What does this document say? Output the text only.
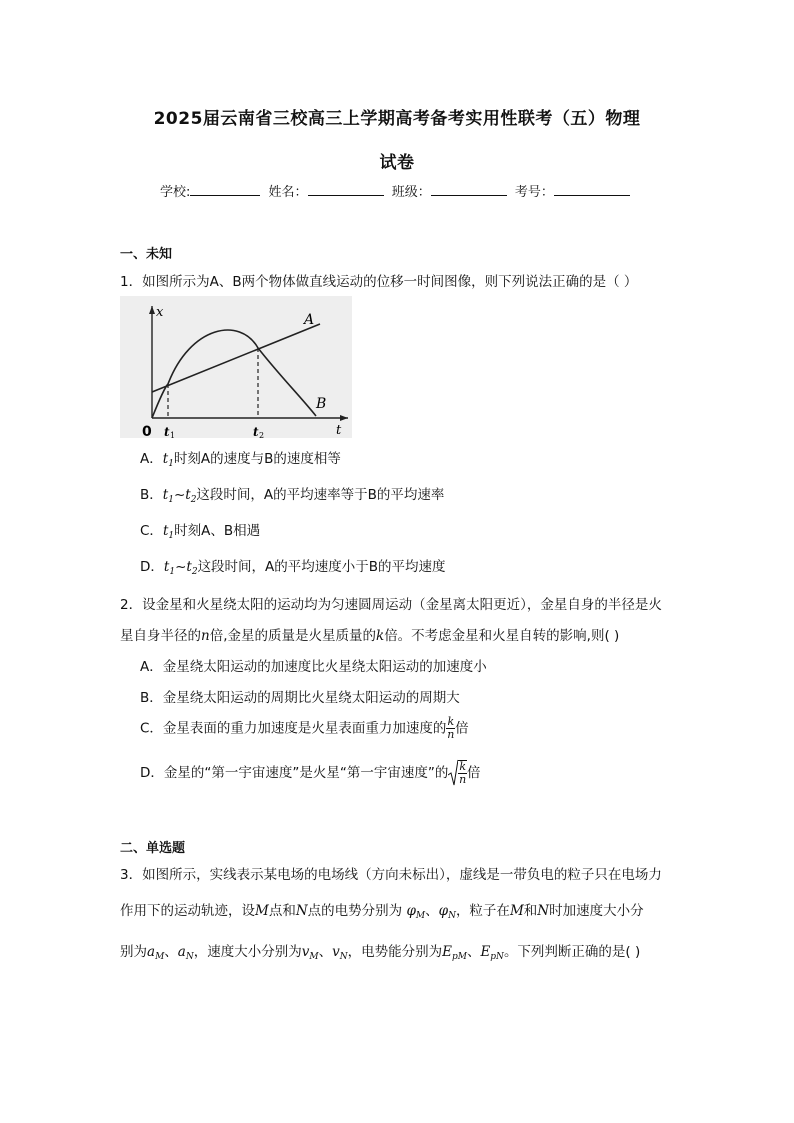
2025届云南省三校高三上学期高考备考实用性联考（五）物理
试卷
学校:	姓名：	班级：	考号：
一、未知
1．如图所示为A、B两个物体做直线运动的位移一时间图像，则下列说法正确的是（ ）
x
t
0 t 1	t 2
A
B
A．$t_1$时刻A的速度与B的速度相等
B．$t_1\sim t_2$这段时间，A的平均速率等于B的平均速率
C．$t_1$时刻A、B相遇
D．$t_1\sim t_2$这段时间，A的平均速度小于B的平均速度
2．设金星和火星绕太阳的运动均为匀速圆周运动（金星离太阳更近），金星自身的半径是火
星自身半径的n倍,金星的质量是火星质量的k倍。不考虑金星和火星自转的影响,则( )
A．金星绕太阳运动的加速度比火星绕太阳运动的加速度小
B．金星绕太阳运动的周期比火星绕太阳运动的周期大
C．金星表面的重力加速度是火星表面重力加速度的 $\frac{k}{n}$ 倍
D．金星的“第一宇宙速度”是火星“第一宇宙速度”的 $\frac{k}{n}$ 倍
二、单选题
3．如图所示，实线表示某电场的电场线（方向未标出），虚线是一带负电的粒子只在电场力
作用下的运动轨迹，设M点和N点的电势分别为 $\varphi_M$、$\varphi_N$，粒子在M和N时加速度大小分
别为$a_M$、$a_N$，速度大小分别为$v_M$、$v_N$，电势能分别为$E_{pM}$、$E_{pN}$。下列判断正确的是( )
